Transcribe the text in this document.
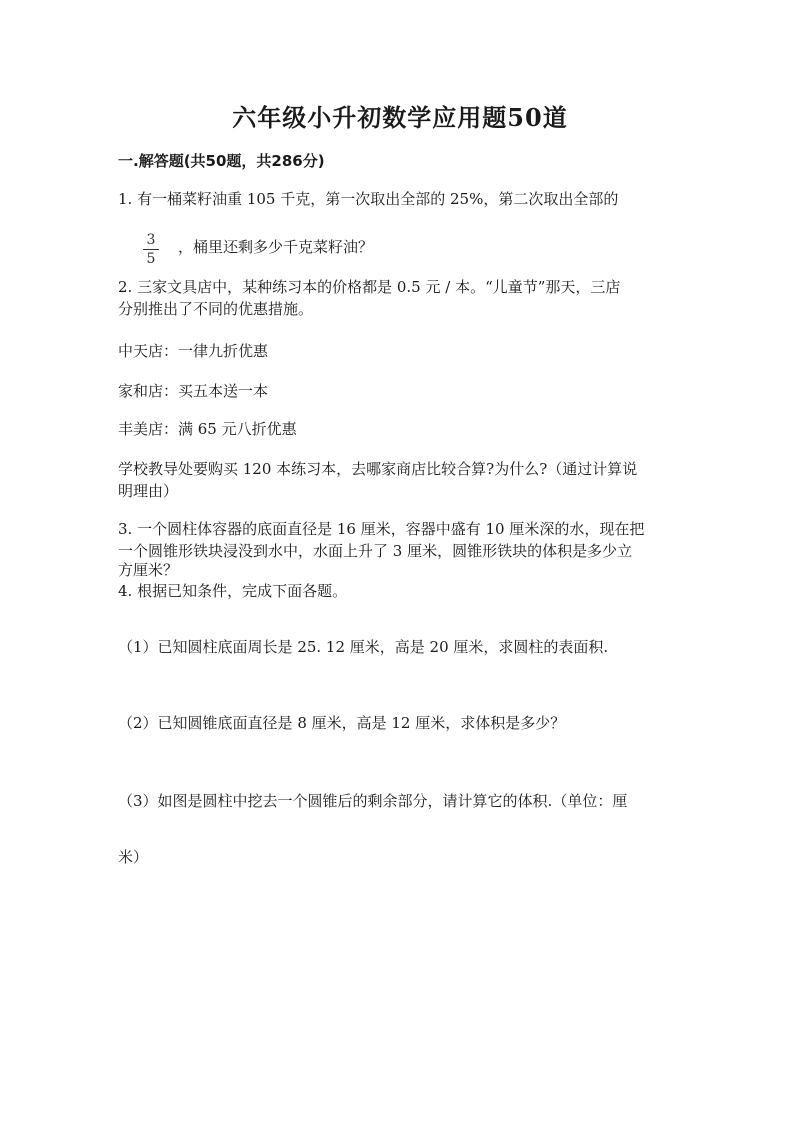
六年级小升初数学应用题50道
一.解答题(共50题，共286分)
1. 有一桶菜籽油重 105 千克，第一次取出全部的 25%，第二次取出全部的
3
5
，桶里还剩多少千克菜籽油？
2. 三家文具店中，某种练习本的价格都是 0.5 元 / 本。“儿童节”那天，三店
分别推出了不同的优惠措施。
中天店：一律九折优惠
家和店：买五本送一本
丰美店：满 65 元八折优惠
学校教导处要购买 120 本练习本，去哪家商店比较合算?为什么?（通过计算说
明理由）
3. 一个圆柱体容器的底面直径是 16 厘米，容器中盛有 10 厘米深的水，现在把
一个圆锥形铁块浸没到水中，水面上升了 3 厘米，圆锥形铁块的体积是多少立
方厘米？
4. 根据已知条件，完成下面各题。
（1）已知圆柱底面周长是 25. 12 厘米，高是 20 厘米，求圆柱的表面积.
（2）已知圆锥底面直径是 8 厘米，高是 12 厘米，求体积是多少？
（3）如图是圆柱中挖去一个圆锥后的剩余部分，请计算它的体积.（单位：厘
米）
